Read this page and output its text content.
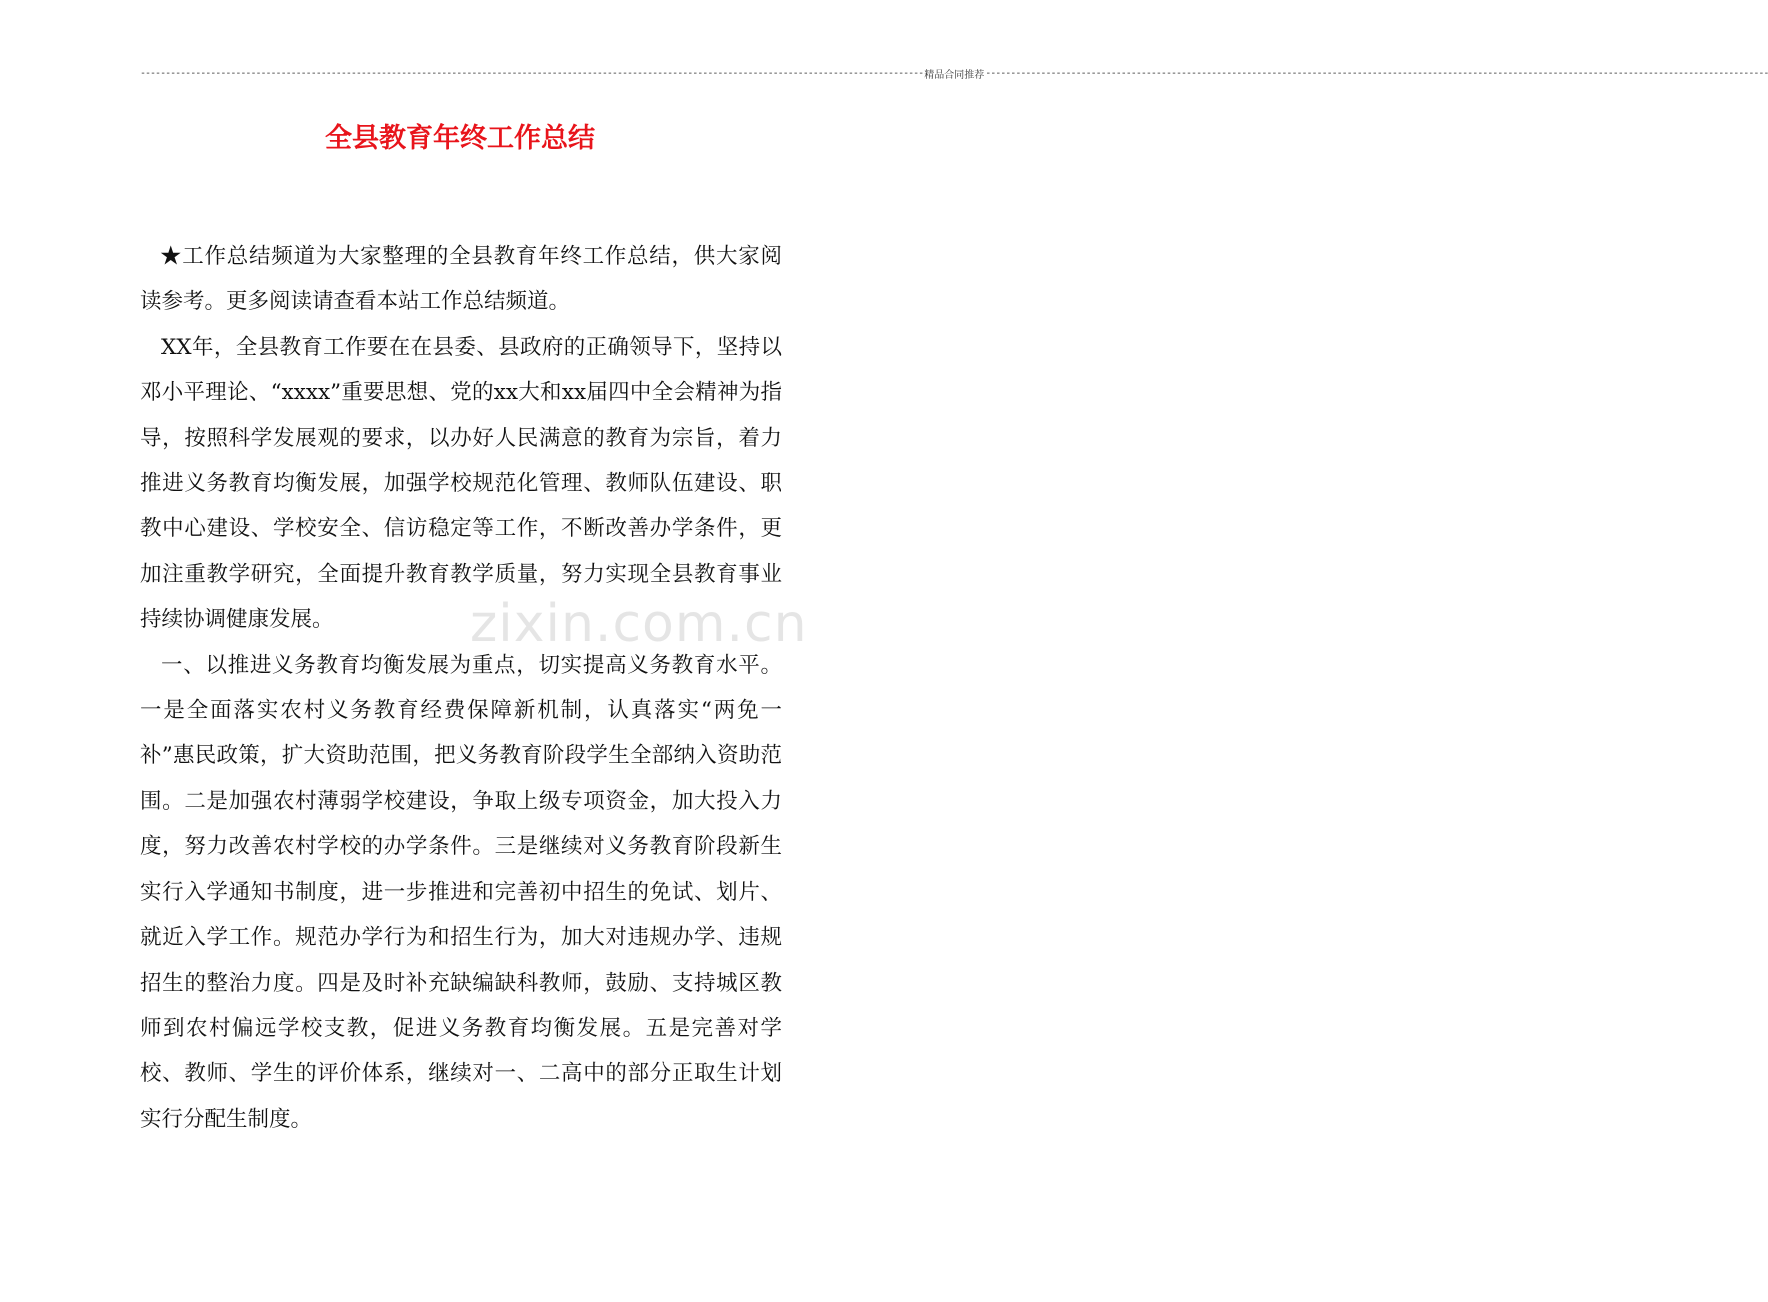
------------------------------------------------------------------------------------------------------------------------------------------------------------ 精品合同推荐 ------------------------------------------------------------------------------------------------------------------------------------------------------------
全县教育年终工作总结
zixin.com.cn

★工作总结频道为大家整理的全县教育年终工作总结，供大家阅读参考。更多阅读请查看本站工作总结频道。

XX年，全县教育工作要在在县委、县政府的正确领导下，坚持以邓小平理论、“xxxx”重要思想、党的xx大和xx届四中全会精神为指导，按照科学发展观的要求，以办好人民满意的教育为宗旨，着力推进义务教育均衡发展，加强学校规范化管理、教师队伍建设、职教中心建设、学校安全、信访稳定等工作，不断改善办学条件，更加注重教学研究，全面提升教育教学质量，努力实现全县教育事业持续协调健康发展。

一、以推进义务教育均衡发展为重点，切实提高义务教育水平。一是全面落实农村义务教育经费保障新机制，认真落实“两免一补”惠民政策，扩大资助范围，把义务教育阶段学生全部纳入资助范围。二是加强农村薄弱学校建设，争取上级专项资金，加大投入力度，努力改善农村学校的办学条件。三是继续对义务教育阶段新生实行入学通知书制度，进一步推进和完善初中招生的免试、划片、就近入学工作。规范办学行为和招生行为，加大对违规办学、违规招生的整治力度。四是及时补充缺编缺科教师，鼓励、支持城区教师到农村偏远学校支教，促进义务教育均衡发展。五是完善对学校、教师、学生的评价体系，继续对一、二高中的部分正取生计划实行分配生制度。
